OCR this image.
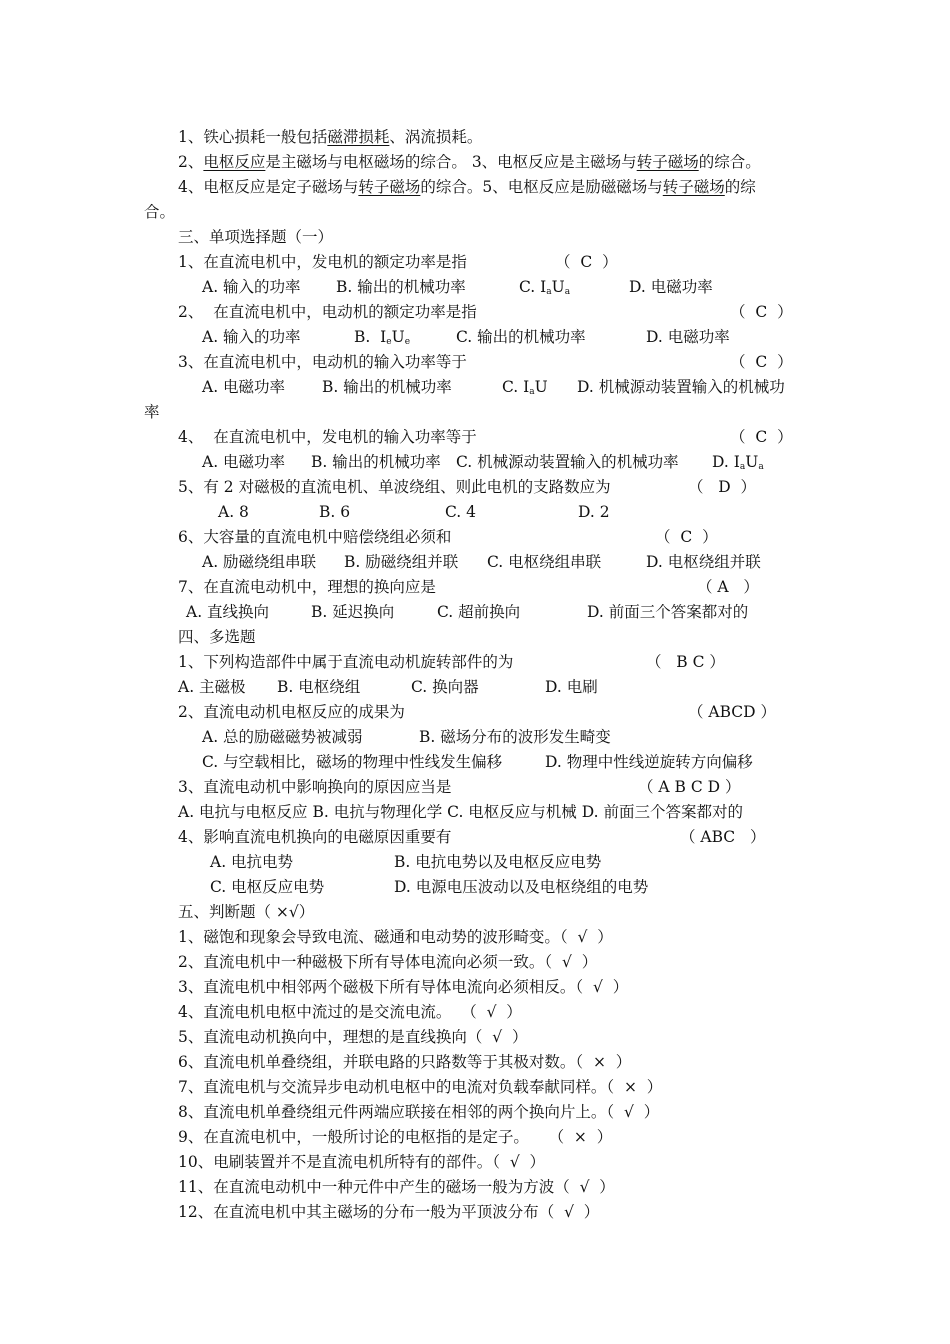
1、铁心损耗一般包括磁滞损耗、涡流损耗。
2、电枢反应是主磁场与电枢磁场的综合。 3、电枢反应是主磁场与转子磁场的综合。
4、电枢反应是定子磁场与转子磁场的综合。5、电枢反应是励磁磁场与转子磁场的综
合。
三、单项选择题（一）
1、在直流电机中，发电机的额定功率是指	（  C  ）
A. 输入的功率 B. 输出的机械功率	C. $I_aU_a$	D. 电磁功率
2、  在直流电机中，电动机的额定功率是指	（  C  ）
A. 输入的功率	B.  $I_eU_e$	C. 输出的机械功率	D. 电磁功率
3、在直流电机中，电动机的输入功率等于	（  C  ）
A. 电磁功率 B. 输出的机械功率	C. $I_aU$ D. 机械源动装置输入的机械功
率
4、  在直流电机中，发电机的输入功率等于	（  C  ）
A. 电磁功率 B. 输出的机械功率 C. 机械源动装置输入的机械功率 D. $I_aU_a$
5、有 2 对磁极的直流电机、单波绕组、则此电机的支路数应为	（   D  ）
A. 8	B. 6	C. 4	D. 2
6、大容量的直流电机中赔偿绕组必须和	（  C  ）
A. 励磁绕组串联 B. 励磁绕组并联 C. 电枢绕组串联	D. 电枢绕组并联
7、在直流电动机中，理想的换向应是	（ A   ）
A. 直线换向	B. 延迟换向	C. 超前换向	D. 前面三个答案都对的
四、多选题
1、下列构造部件中属于直流电动机旋转部件的为	（   B C ）
A. 主磁极 B. 电枢绕组	C. 换向器	D. 电刷
2、直流电动机电枢反应的成果为	（ ABCD ）
A. 总的励磁磁势被减弱	B. 磁场分布的波形发生畸变
C. 与空载相比，磁场的物理中性线发生偏移	D. 物理中性线逆旋转方向偏移
3、直流电动机中影响换向的原因应当是	（ A B C D ）
A. 电抗与电枢反应 B. 电抗与物理化学 C. 电枢反应与机械 D. 前面三个答案都对的
4、影响直流电机换向的电磁原因重要有	（ ABC   ）
A. 电抗电势	B. 电抗电势以及电枢反应电势
C. 电枢反应电势	D. 电源电压波动以及电枢绕组的电势
五、判断题（ ×√）
1、磁饱和现象会导致电流、磁通和电动势的波形畸变。（  √  ）
2、直流电机中一种磁极下所有导体电流向必须一致。（  √  ）
3、直流电机中相邻两个磁极下所有导体电流向必须相反。（  √  ）
4、直流电机电枢中流过的是交流电流。  （  √  ）
5、直流电动机换向中，理想的是直线换向（  √  ）
6、直流电机单叠绕组，并联电路的只路数等于其极对数。（  ×  ）
7、直流电机与交流异步电动机电枢中的电流对负载奉献同样。（  ×  ）
8、直流电机单叠绕组元件两端应联接在相邻的两个换向片上。（  √  ）
9、在直流电机中，一般所讨论的电枢指的是定子。    （  ×  ）
10、电刷装置并不是直流电机所特有的部件。（  √  ）
11、在直流电动机中一种元件中产生的磁场一般为方波（  √  ）
12、在直流电机中其主磁场的分布一般为平顶波分布（  √  ）
